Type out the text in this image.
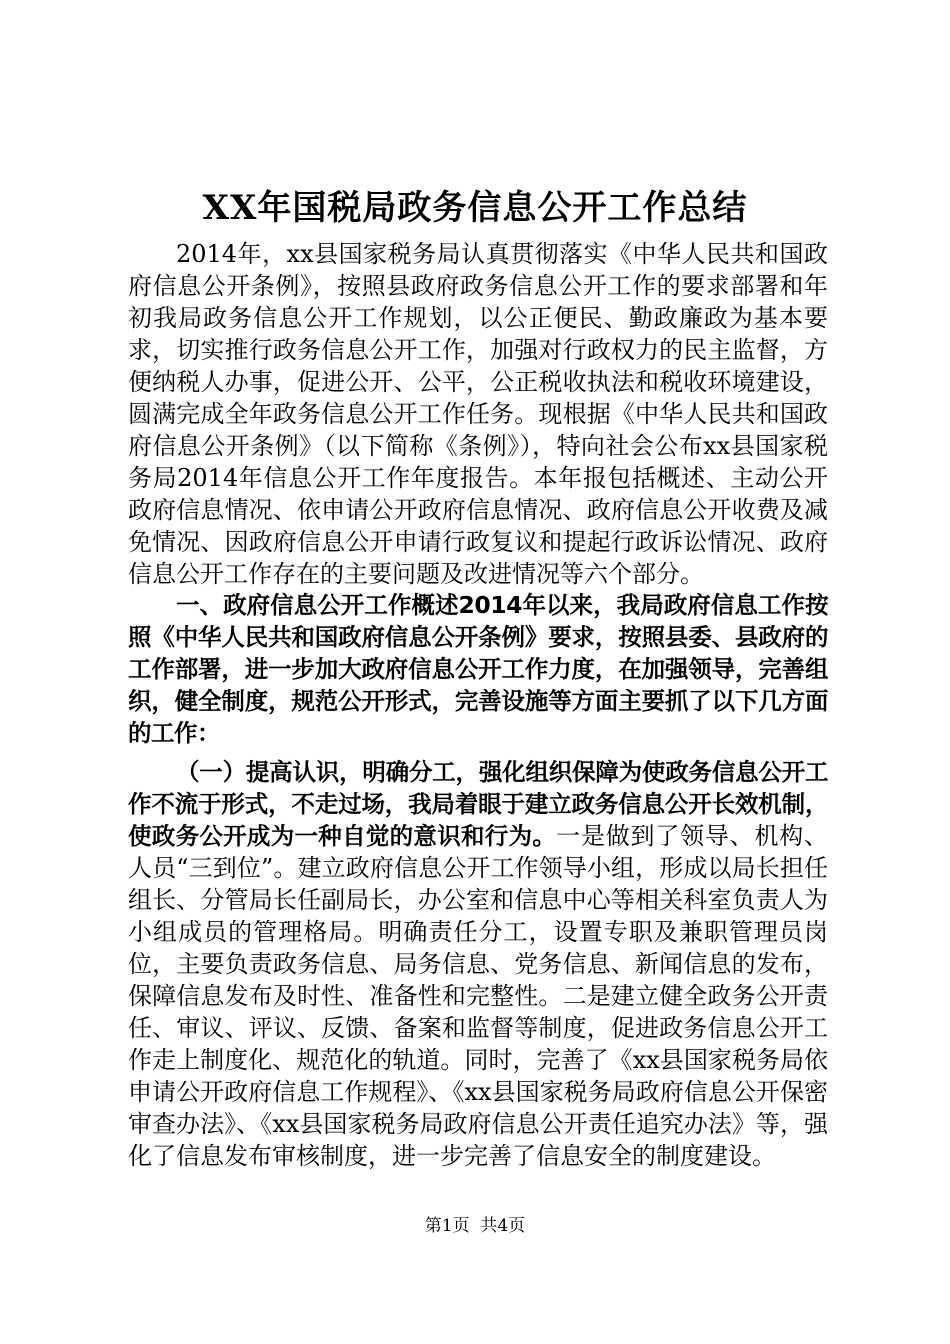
XX年国税局政务信息公开工作总结

2014年，xx县国家税务局认真贯彻落实《中华人民共和国政府信息公开条例》，按照县政府政务信息公开工作的要求部署和年初我局政务信息公开工作规划，以公正便民、勤政廉政为基本要求，切实推行政务信息公开工作，加强对行政权力的民主监督，方便纳税人办事，促进公开、公平，公正税收执法和税收环境建设，圆满完成全年政务信息公开工作任务。现根据《中华人民共和国政府信息公开条例》（以下简称《条例》），特向社会公布xx县国家税务局2014年信息公开工作年度报告。本年报包括概述、主动公开政府信息情况、依申请公开政府信息情况、政府信息公开收费及减免情况、因政府信息公开申请行政复议和提起行政诉讼情况、政府信息公开工作存在的主要问题及改进情况等六个部分。

一、政府信息公开工作概述2014年以来，我局政府信息工作按照《中华人民共和国政府信息公开条例》要求，按照县委、县政府的工作部署，进一步加大政府信息公开工作力度，在加强领导，完善组织，健全制度，规范公开形式，完善设施等方面主要抓了以下几方面的工作：

（一）提高认识，明确分工，强化组织保障为使政务信息公开工作不流于形式，不走过场，我局着眼于建立政务信息公开长效机制，使政务公开成为一种自觉的意识和行为。一是做到了领导、机构、人员“三到位”。建立政府信息公开工作领导小组，形成以局长担任组长、分管局长任副局长，办公室和信息中心等相关科室负责人为小组成员的管理格局。明确责任分工，设置专职及兼职管理员岗位，主要负责政务信息、局务信息、党务信息、新闻信息的发布，保障信息发布及时性、准备性和完整性。二是建立健全政务公开责任、审议、评议、反馈、备案和监督等制度，促进政务信息公开工作走上制度化、规范化的轨道。同时，完善了《xx县国家税务局依申请公开政府信息工作规程》、《xx县国家税务局政府信息公开保密审查办法》、《xx县国家税务局政府信息公开责任追究办法》等，强化了信息发布审核制度，进一步完善了信息安全的制度建设。

第1页  共4页
